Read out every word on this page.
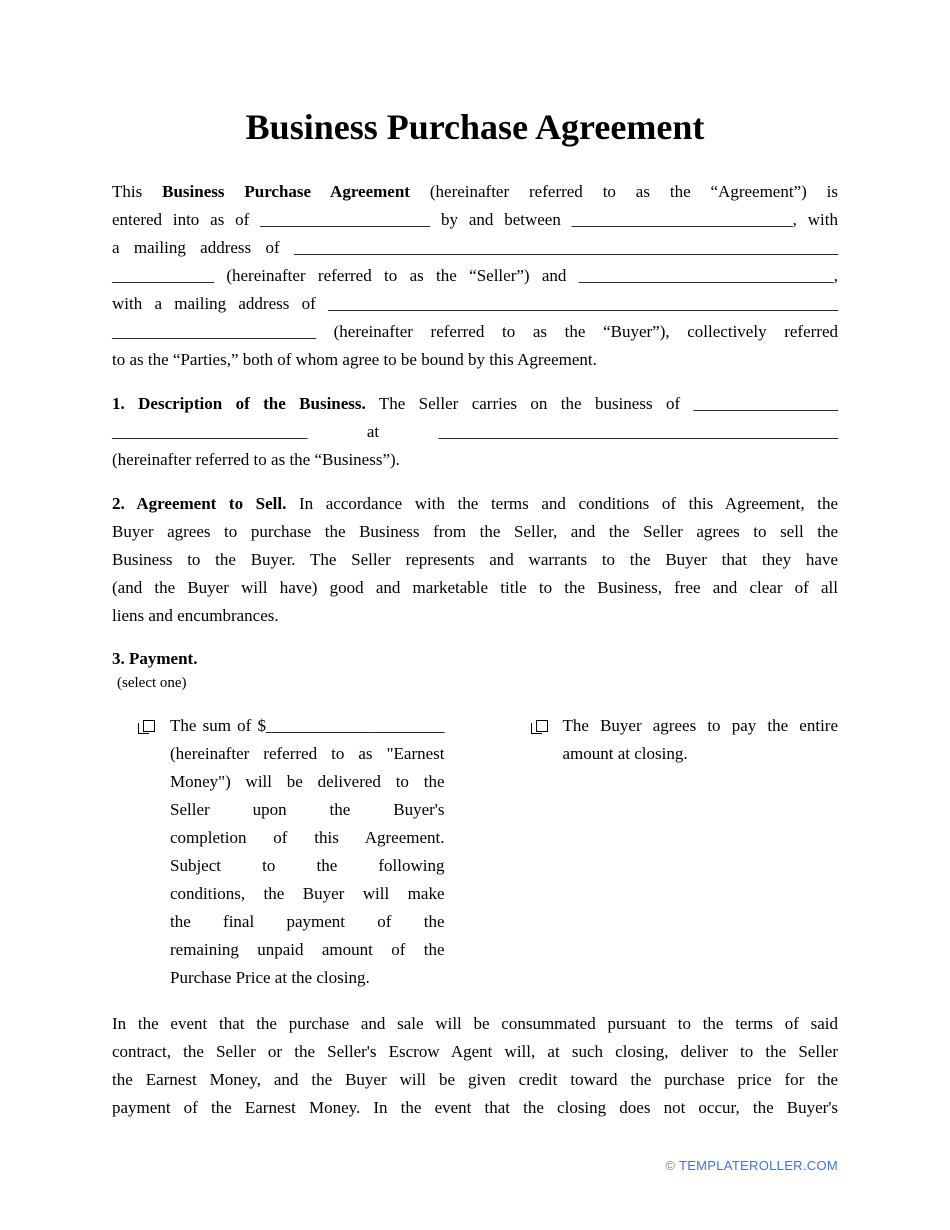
Business Purchase Agreement
This Business Purchase Agreement (hereinafter referred to as the “Agreement”) is
entered into as of ____________________ by and between __________________________, with
a mailing address of ________________________________________________________________
____________ (hereinafter referred to as the “Seller”) and ______________________________,
with a mailing address of ____________________________________________________________
________________________ (hereinafter referred to as the “Buyer”), collectively referred
to as the “Parties,” both of whom agree to be bound by this Agreement.
1. Description of the Business. The Seller carries on the business of _________________
_______________________ at _______________________________________________
(hereinafter referred to as the “Business”).
2. Agreement to Sell. In accordance with the terms and conditions of this Agreement, the
Buyer agrees to purchase the Business from the Seller, and the Seller agrees to sell the
Business to the Buyer. The Seller represents and warrants to the Buyer that they have
(and the Buyer will have) good and marketable title to the Business, free and clear of all
liens and encumbrances.
3. Payment.
(select one)
The sum of $_____________________
(hereinafter referred to as "Earnest
Money") will be delivered to the
Seller upon the Buyer's
completion of this Agreement.
Subject to the following
conditions, the Buyer will make
the final payment of the
remaining unpaid amount of the
Purchase Price at the closing.
The Buyer agrees to pay the entire
amount at closing.
In the event that the purchase and sale will be consummated pursuant to the terms of said
contract, the Seller or the Seller's Escrow Agent will, at such closing, deliver to the Seller
the Earnest Money, and the Buyer will be given credit toward the purchase price for the
payment of the Earnest Money. In the event that the closing does not occur, the Buyer's
© TEMPLATEROLLER.COM
